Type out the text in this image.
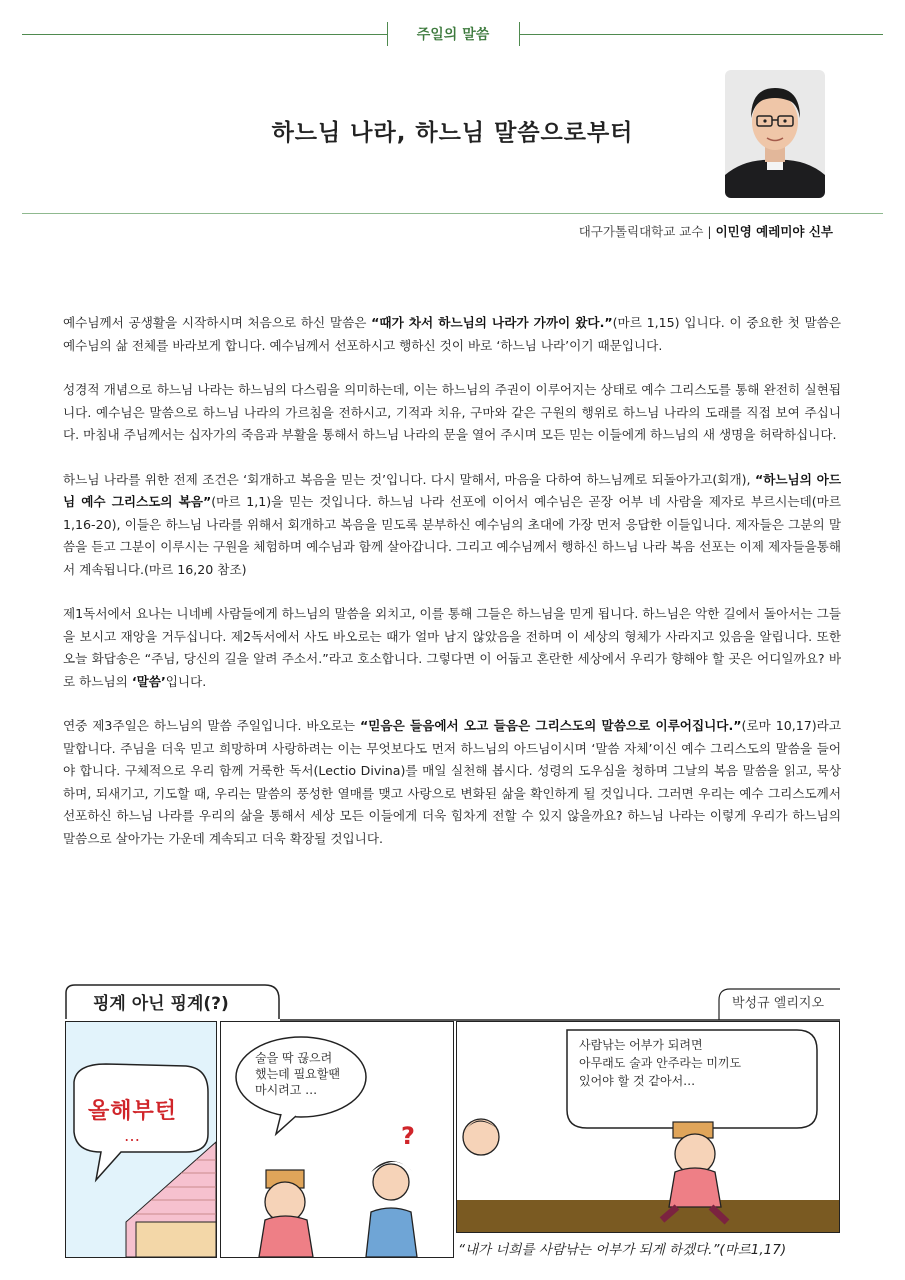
주일의 말씀
하느님 나라, 하느님 말씀으로부터
대구가톨릭대학교 교수 | 이민영 예레미야 신부

예수님께서 공생활을 시작하시며 처음으로 하신 말씀은 “때가 차서 하느님의 나라가 가까이 왔다.”(마르 1,15) 입니다. 이 중요한 첫 말씀은 예수님의 삶 전체를 바라보게 합니다. 예수님께서 선포하시고 행하신 것이 바로 ‘하느님 나라’이기 때문입니다.

성경적 개념으로 하느님 나라는 하느님의 다스림을 의미하는데, 이는 하느님의 주권이 이루어지는 상태로 예수 그리스도를 통해 완전히 실현됩니다. 예수님은 말씀으로 하느님 나라의 가르침을 전하시고, 기적과 치유, 구마와 같은 구원의 행위로 하느님 나라의 도래를 직접 보여 주십니다. 마침내 주님께서는 십자가의 죽음과 부활을 통해서 하느님 나라의 문을 열어 주시며 모든 믿는 이들에게 하느님의 새 생명을 허락하십니다.

하느님 나라를 위한 전제 조건은 ‘회개하고 복음을 믿는 것’입니다. 다시 말해서, 마음을 다하여 하느님께로 되돌아가고(회개), “하느님의 아드님 예수 그리스도의 복음”(마르 1,1)을 믿는 것입니다. 하느님 나라 선포에 이어서 예수님은 곧장 어부 네 사람을 제자로 부르시는데(마르 1,16-20), 이들은 하느님 나라를 위해서 회개하고 복음을 믿도록 분부하신 예수님의 초대에 가장 먼저 응답한 이들입니다. 제자들은 그분의 말씀을 듣고 그분이 이루시는 구원을 체험하며 예수님과 함께 살아갑니다. 그리고 예수님께서 행하신 하느님 나라 복음 선포는 이제 제자들을통해서 계속됩니다.(마르 16,20 참조)

제1독서에서 요나는 니네베 사람들에게 하느님의 말씀을 외치고, 이를 통해 그들은 하느님을 믿게 됩니다. 하느님은 악한 길에서 돌아서는 그들을 보시고 재앙을 거두십니다. 제2독서에서 사도 바오로는 때가 얼마 남지 않았음을 전하며 이 세상의 형체가 사라지고 있음을 알립니다. 또한 오늘 화답송은 “주님, 당신의 길을 알려 주소서.”라고 호소합니다. 그렇다면 이 어둡고 혼란한 세상에서 우리가 향해야 할 곳은 어디일까요? 바로 하느님의 ‘말씀’입니다.

연중 제3주일은 하느님의 말씀 주일입니다. 바오로는 “믿음은 들음에서 오고 들음은 그리스도의 말씀으로 이루어집니다.”(로마 10,17)라고 말합니다. 주님을 더욱 믿고 희망하며 사랑하려는 이는 무엇보다도 먼저 하느님의 아드님이시며 ‘말씀 자체’이신 예수 그리스도의 말씀을 들어야 합니다. 구체적으로 우리 함께 거룩한 독서(Lectio Divina)를 매일 실천해 봅시다. 성령의 도우심을 청하며 그날의 복음 말씀을 읽고, 묵상하며, 되새기고, 기도할 때, 우리는 말씀의 풍성한 열매를 맺고 사랑으로 변화된 삶을 확인하게 될 것입니다. 그러면 우리는 예수 그리스도께서 선포하신 하느님 나라를 우리의 삶을 통해서 세상 모든 이들에게 더욱 힘차게 전할 수 있지 않을까요? 하느님 나라는 이렇게 우리가 하느님의 말씀으로 살아가는 가운데 계속되고 더욱 확장될 것입니다.

핑계 아닌 핑계(?)	박성규 엘리지오
올해부턴
…
술을 딱 끊으려
했는데 필요할땐
마시려고 …
?
사람낚는 어부가 되려면
아무래도 술과 안주라는 미끼도
있어야 할 것 같아서…
“내가 너희를 사람낚는 어부가 되게 하겠다.”(마르1,17)
